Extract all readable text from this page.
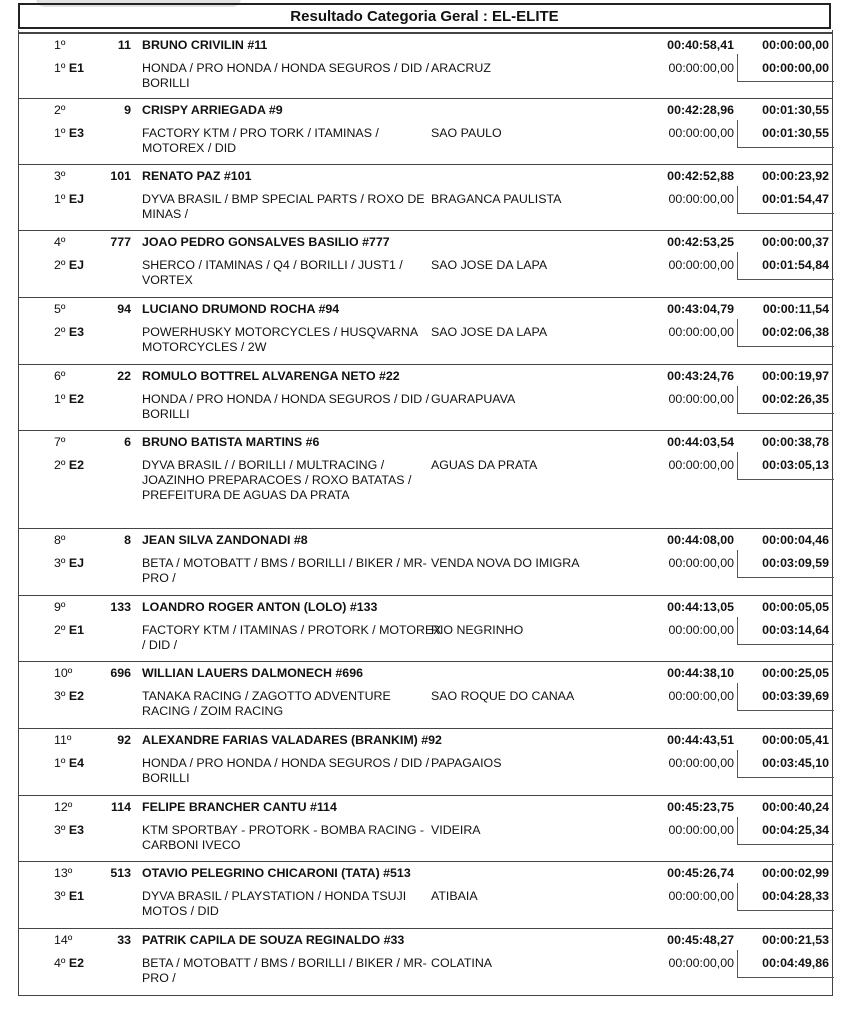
Resultado Categoria Geral : EL-ELITE
1º	11 BRUNO CRIVILIN #11	00:40:58,41	00:00:00,00
1º E1	HONDA / PRO HONDA / HONDA SEGUROS / DID / BORILLI
ARACRUZ	00:00:00,00	00:00:00,00
2º	9 CRISPY ARRIEGADA #9	00:42:28,96	00:01:30,55
1º E3	FACTORY KTM / PRO TORK / ITAMINAS / MOTOREX / DID
SAO PAULO	00:00:00,00	00:01:30,55
3º	101 RENATO PAZ #101	00:42:52,88	00:00:23,92
1º EJ	DYVA BRASIL / BMP SPECIAL PARTS / ROXO DE MINAS /
BRAGANCA PAULISTA	00:00:00,00	00:01:54,47
4º	777 JOAO PEDRO GONSALVES BASILIO #777	00:42:53,25	00:00:00,37
2º EJ	SHERCO / ITAMINAS / Q4 / BORILLI / JUST1 / VORTEX
SAO JOSE DA LAPA	00:00:00,00	00:01:54,84
5º	94 LUCIANO DRUMOND ROCHA #94	00:43:04,79	00:00:11,54
2º E3	POWERHUSKY MOTORCYCLES / HUSQVARNA MOTORCYCLES / 2W
SAO JOSE DA LAPA	00:00:00,00	00:02:06,38
6º	22 ROMULO BOTTREL ALVARENGA NETO #22	00:43:24,76	00:00:19,97
1º E2	HONDA / PRO HONDA / HONDA SEGUROS / DID / BORILLI
GUARAPUAVA	00:00:00,00	00:02:26,35
7º	6 BRUNO BATISTA MARTINS #6	00:44:03,54	00:00:38,78
2º E2	DYVA BRASIL / / BORILLI / MULTRACING / JOAZINHO PREPARACOES / ROXO BATATAS / PREFEITURA DE AGUAS DA PRATA
AGUAS DA PRATA	00:00:00,00	00:03:05,13
8º	8 JEAN SILVA ZANDONADI #8	00:44:08,00	00:00:04,46
3º EJ	BETA / MOTOBATT / BMS / BORILLI / BIKER / MR-PRO /
VENDA NOVA DO IMIGRA	00:00:00,00	00:03:09,59
9º	133 LOANDRO ROGER ANTON (LOLO) #133	00:44:13,05	00:00:05,05
2º E1	FACTORY KTM / ITAMINAS / PROTORK / MOTOREX / DID /
RIO NEGRINHO	00:00:00,00	00:03:14,64
10º	696 WILLIAN LAUERS DALMONECH #696	00:44:38,10	00:00:25,05
3º E2	TANAKA RACING / ZAGOTTO ADVENTURE RACING / ZOIM RACING
SAO ROQUE DO CANAA	00:00:00,00	00:03:39,69
11º	92 ALEXANDRE FARIAS VALADARES (BRANKIM) #92	00:44:43,51	00:00:05,41
1º E4	HONDA / PRO HONDA / HONDA SEGUROS / DID / BORILLI
PAPAGAIOS	00:00:00,00	00:03:45,10
12º	114 FELIPE BRANCHER CANTU #114	00:45:23,75	00:00:40,24
3º E3	KTM SPORTBAY - PROTORK - BOMBA RACING - CARBONI IVECO
VIDEIRA	00:00:00,00	00:04:25,34
13º	513 OTAVIO PELEGRINO CHICARONI (TATA) #513	00:45:26,74	00:00:02,99
3º E1	DYVA BRASIL / PLAYSTATION / HONDA TSUJI MOTOS / DID
ATIBAIA	00:00:00,00	00:04:28,33
14º	33 PATRIK CAPILA DE SOUZA REGINALDO #33	00:45:48,27	00:00:21,53
4º E2	BETA / MOTOBATT / BMS / BORILLI / BIKER / MR-PRO /
COLATINA	00:00:00,00	00:04:49,86
